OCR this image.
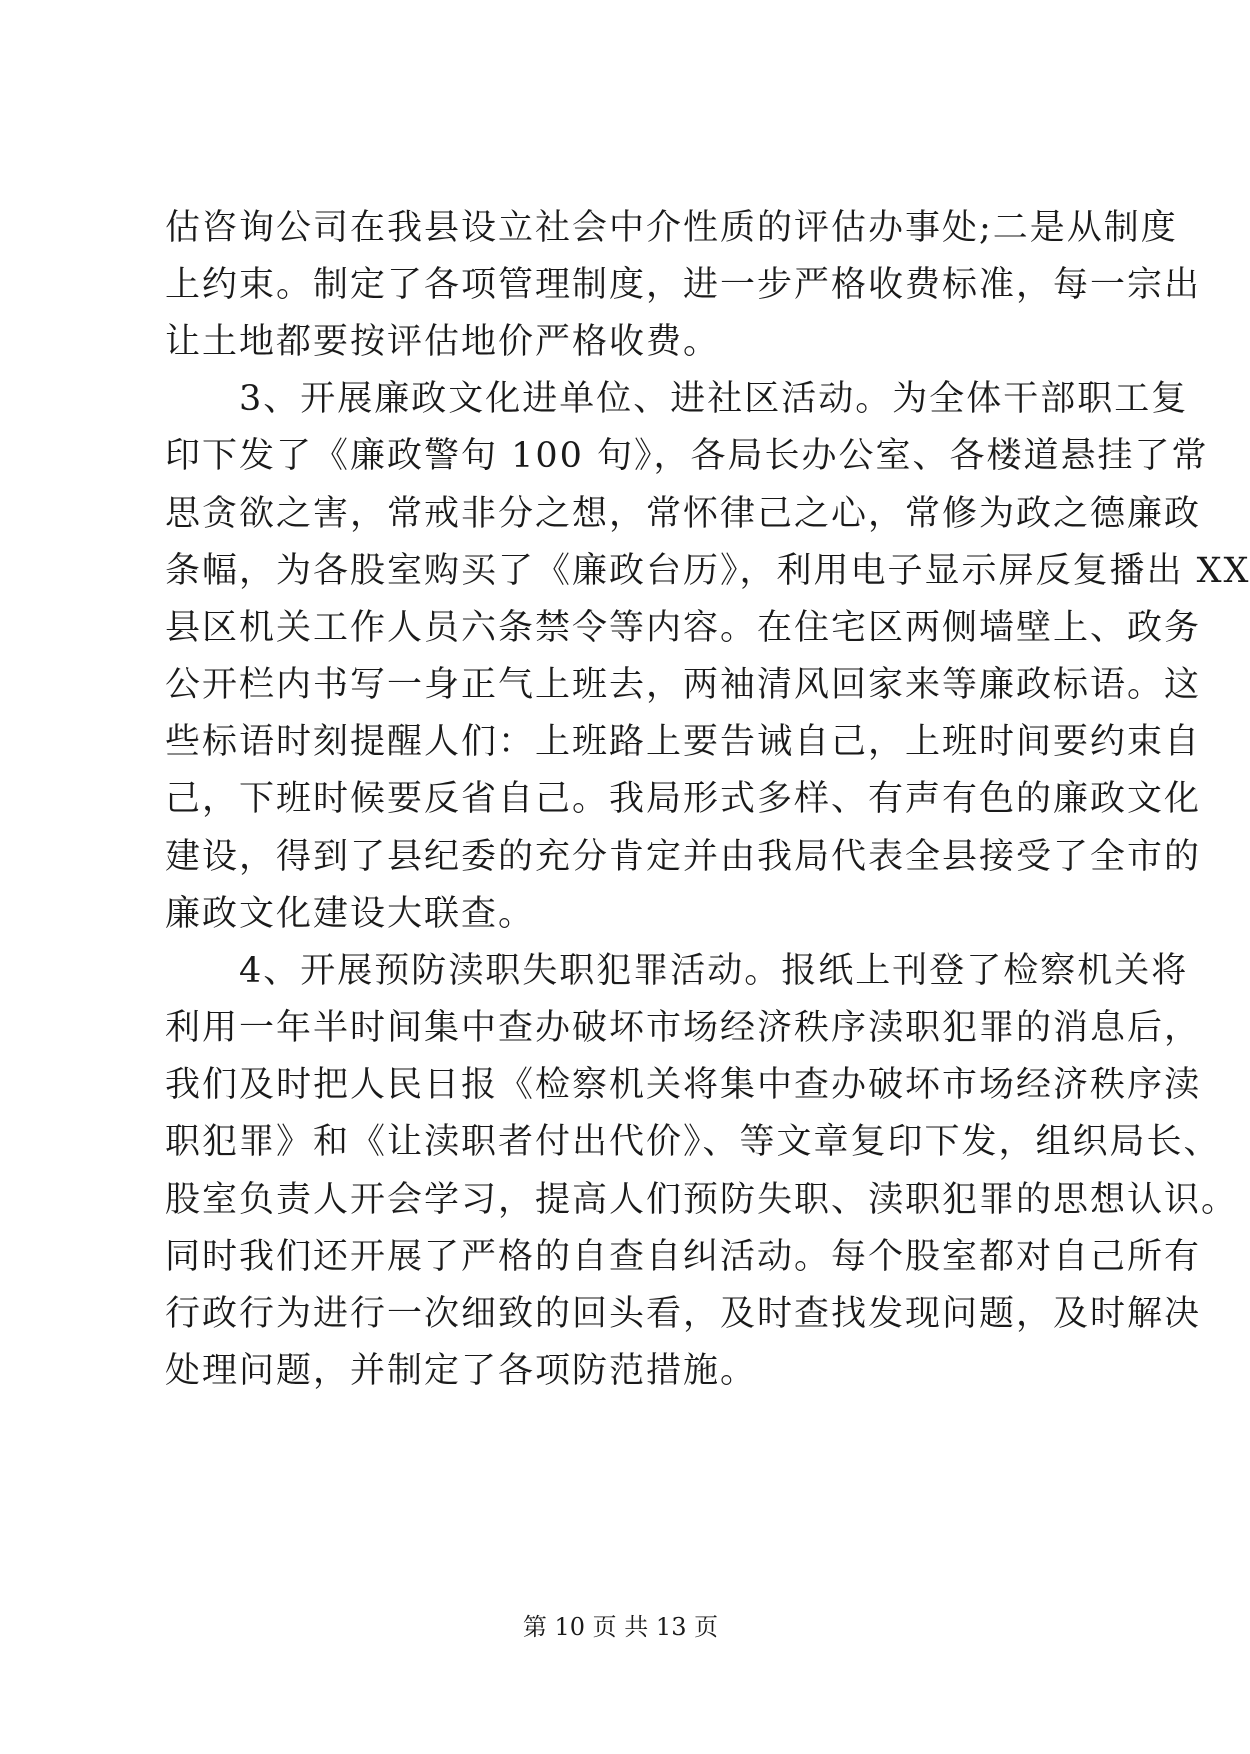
估咨询公司在我县设立社会中介性质的评估办事处;二是从制度
上约束。制定了各项管理制度，进一步严格收费标准，每一宗出
让土地都要按评估地价严格收费。
　　3、开展廉政文化进单位、进社区活动。为全体干部职工复
印下发了《廉政警句 100 句》，各局长办公室、各楼道悬挂了常
思贪欲之害，常戒非分之想，常怀律己之心，常修为政之德廉政
条幅，为各股室购买了《廉政台历》，利用电子显示屏反复播出 XX
县区机关工作人员六条禁令等内容。在住宅区两侧墙壁上、政务
公开栏内书写一身正气上班去，两袖清风回家来等廉政标语。这
些标语时刻提醒人们：上班路上要告诫自己，上班时间要约束自
己，下班时候要反省自己。我局形式多样、有声有色的廉政文化
建设，得到了县纪委的充分肯定并由我局代表全县接受了全市的
廉政文化建设大联查。
　　4、开展预防渎职失职犯罪活动。报纸上刊登了检察机关将
利用一年半时间集中查办破坏市场经济秩序渎职犯罪的消息后，
我们及时把人民日报《检察机关将集中查办破坏市场经济秩序渎
职犯罪》和《让渎职者付出代价》、等文章复印下发，组织局长、
股室负责人开会学习，提高人们预防失职、渎职犯罪的思想认识。
同时我们还开展了严格的自查自纠活动。每个股室都对自己所有
行政行为进行一次细致的回头看，及时查找发现问题，及时解决
处理问题，并制定了各项防范措施。
第 10 页 共 13 页
